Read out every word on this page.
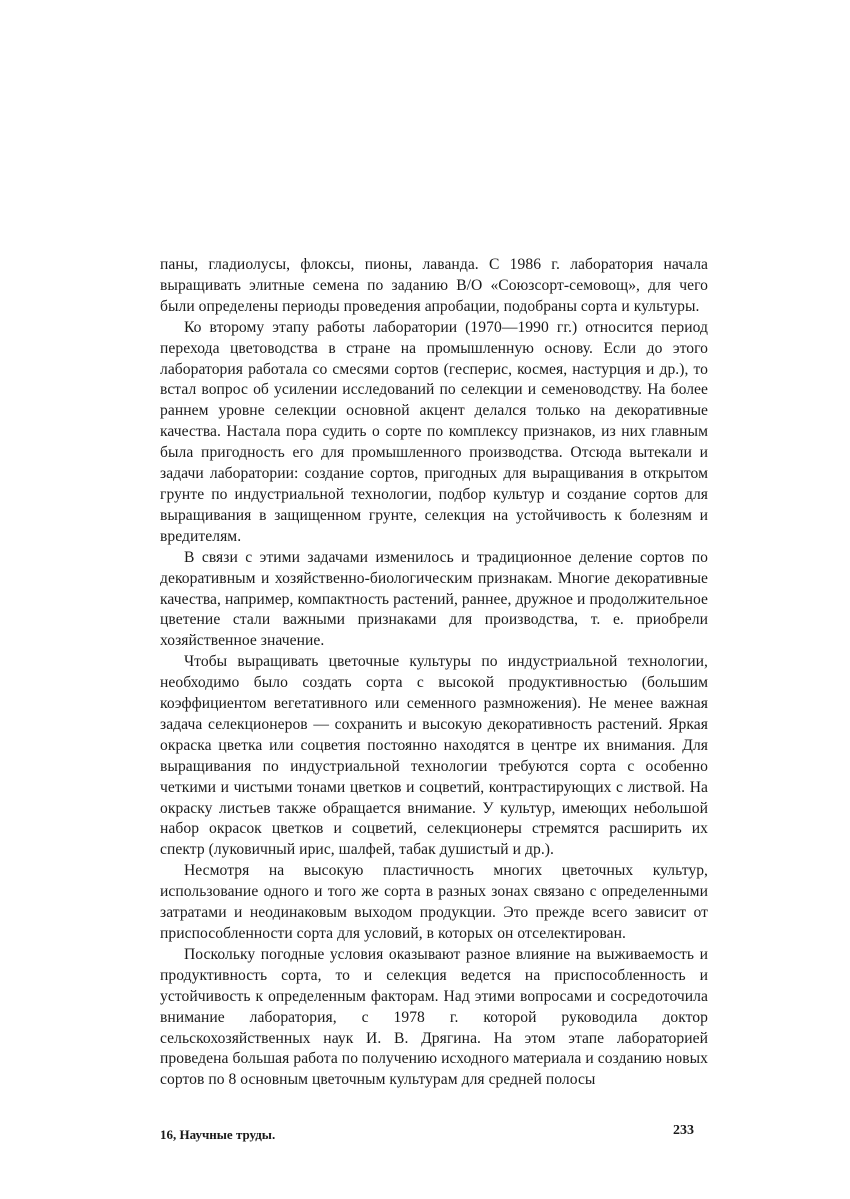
паны, гладиолусы, флоксы, пионы, лаванда. С 1986 г. лаборатория начала выращивать элитные семена по заданию В/О «Союзсорт-семовощ», для чего были определены периоды проведения апробации, подобраны сорта и культуры.

Ко второму этапу работы лаборатории (1970—1990 гг.) относится период перехода цветоводства в стране на промышленную основу. Если до этого лаборатория работала со смесями сортов (гесперис, космея, настурция и др.), то встал вопрос об усилении исследований по селекции и семеноводству. На более раннем уровне селекции основной акцент делался только на декоративные качества. Настала пора судить о сорте по комплексу признаков, из них главным была пригодность его для промышленного производства. Отсюда вытекали и задачи лаборатории: создание сортов, пригодных для выращивания в открытом грунте по индустриальной технологии, подбор культур и создание сортов для выращивания в защищенном грунте, селекция на устойчивость к болезням и вредителям.

В связи с этими задачами изменилось и традиционное деление сортов по декоративным и хозяйственно-биологическим признакам. Многие декоративные качества, например, компактность растений, раннее, дружное и продолжительное цветение стали важными признаками для производства, т. е. приобрели хозяйственное значение.

Чтобы выращивать цветочные культуры по индустриальной технологии, необходимо было создать сорта с высокой продуктивностью (большим коэффициентом вегетативного или семенного размножения). Не менее важная задача селекционеров — сохранить и высокую декоративность растений. Яркая окраска цветка или соцветия постоянно находятся в центре их внимания. Для выращивания по индустриальной технологии требуются сорта с особенно четкими и чистыми тонами цветков и соцветий, контрастирующих с листвой. На окраску листьев также обращается внимание. У культур, имеющих небольшой набор окрасок цветков и соцветий, селекционеры стремятся расширить их спектр (луковичный ирис, шалфей, табак душистый и др.).

Несмотря на высокую пластичность многих цветочных культур, использование одного и того же сорта в разных зонах связано с определенными затратами и неодинаковым выходом продукции. Это прежде всего зависит от приспособленности сорта для условий, в которых он отселектирован.

Поскольку погодные условия оказывают разное влияние на выживаемость и продуктивность сорта, то и селекция ведется на приспособленность и устойчивость к определенным факторам. Над этими вопросами и сосредоточила внимание лаборатория, с 1978 г. которой руководила доктор сельскохозяйственных наук И. В. Дрягина. На этом этапе лабораторией проведена большая работа по получению исходного материала и созданию новых сортов по 8 основным цветочным культурам для средней полосы

16, Научные труды.	233
